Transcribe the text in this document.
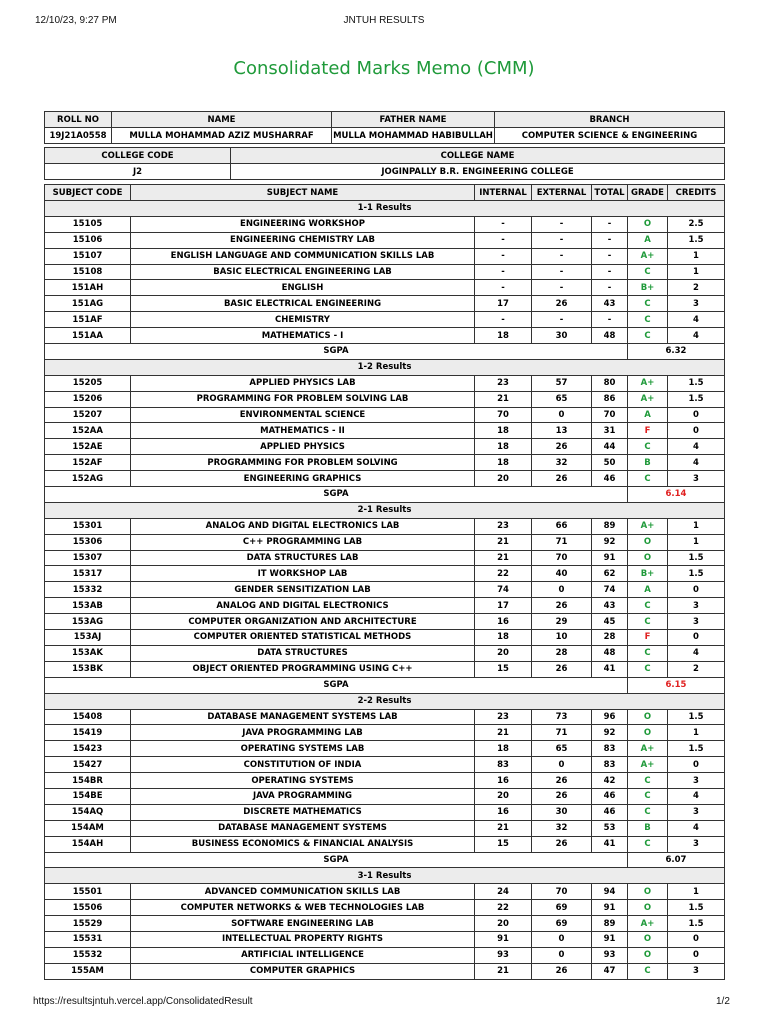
12/10/23, 9:27 PM	JNTUH RESULTS
Consolidated Marks Memo (CMM)
ROLL NO	NAME	FATHER NAME	BRANCH
19J21A0558	MULLA MOHAMMAD AZIZ MUSHARRAF	MULLA MOHAMMAD HABIBULLAH	COMPUTER SCIENCE & ENGINEERING
COLLEGE CODE	COLLEGE NAME
J2	JOGINPALLY B.R. ENGINEERING COLLEGE
SUBJECT CODE	SUBJECT NAME	INTERNAL	EXTERNAL	TOTAL	GRADE	CREDITS
1-1 Results						
15105	ENGINEERING WORKSHOP	-	-	-	O	2.5
15106	ENGINEERING CHEMISTRY LAB	-	-	-	A	1.5
15107	ENGLISH LANGUAGE AND COMMUNICATION SKILLS LAB	-	-	-	A+	1
15108	BASIC ELECTRICAL ENGINEERING LAB	-	-	-	C	1
151AH	ENGLISH	-	-	-	B+	2
151AG	BASIC ELECTRICAL ENGINEERING	17	26	43	C	3
151AF	CHEMISTRY	-	-	-	C	4
151AA	MATHEMATICS - I	18	30	48	C	4
SGPA					6.32	
1-2 Results						
15205	APPLIED PHYSICS LAB	23	57	80	A+	1.5
15206	PROGRAMMING FOR PROBLEM SOLVING LAB	21	65	86	A+	1.5
15207	ENVIRONMENTAL SCIENCE	70	0	70	A	0
152AA	MATHEMATICS - II	18	13	31	F	0
152AE	APPLIED PHYSICS	18	26	44	C	4
152AF	PROGRAMMING FOR PROBLEM SOLVING	18	32	50	B	4
152AG	ENGINEERING GRAPHICS	20	26	46	C	3
SGPA					6.14	
2-1 Results						
15301	ANALOG AND DIGITAL ELECTRONICS LAB	23	66	89	A+	1
15306	C++ PROGRAMMING LAB	21	71	92	O	1
15307	DATA STRUCTURES LAB	21	70	91	O	1.5
15317	IT WORKSHOP LAB	22	40	62	B+	1.5
15332	GENDER SENSITIZATION LAB	74	0	74	A	0
153AB	ANALOG AND DIGITAL ELECTRONICS	17	26	43	C	3
153AG	COMPUTER ORGANIZATION AND ARCHITECTURE	16	29	45	C	3
153AJ	COMPUTER ORIENTED STATISTICAL METHODS	18	10	28	F	0
153AK	DATA STRUCTURES	20	28	48	C	4
153BK	OBJECT ORIENTED PROGRAMMING USING C++	15	26	41	C	2
SGPA					6.15	
2-2 Results						
15408	DATABASE MANAGEMENT SYSTEMS LAB	23	73	96	O	1.5
15419	JAVA PROGRAMMING LAB	21	71	92	O	1
15423	OPERATING SYSTEMS LAB	18	65	83	A+	1.5
15427	CONSTITUTION OF INDIA	83	0	83	A+	0
154BR	OPERATING SYSTEMS	16	26	42	C	3
154BE	JAVA PROGRAMMING	20	26	46	C	4
154AQ	DISCRETE MATHEMATICS	16	30	46	C	3
154AM	DATABASE MANAGEMENT SYSTEMS	21	32	53	B	4
154AH	BUSINESS ECONOMICS & FINANCIAL ANALYSIS	15	26	41	C	3
SGPA					6.07	
3-1 Results						
15501	ADVANCED COMMUNICATION SKILLS LAB	24	70	94	O	1
15506	COMPUTER NETWORKS & WEB TECHNOLOGIES LAB	22	69	91	O	1.5
15529	SOFTWARE ENGINEERING LAB	20	69	89	A+	1.5
15531	INTELLECTUAL PROPERTY RIGHTS	91	0	91	O	0
15532	ARTIFICIAL INTELLIGENCE	93	0	93	O	0
155AM	COMPUTER GRAPHICS	21	26	47	C	3
https://resultsjntuh.vercel.app/ConsolidatedResult	1/2
